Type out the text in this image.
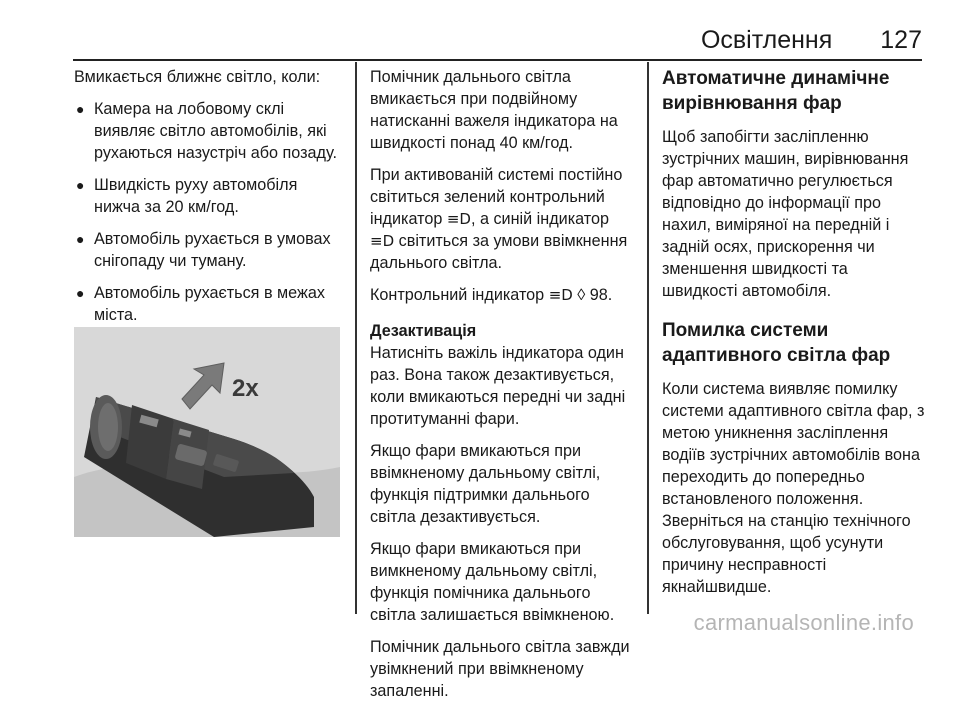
Освітлення 127

Вмикається ближнє світло, коли:

● Камера на лобовому склі виявляє світло автомобілів, які рухаються назустріч або позаду.
● Швидкість руху автомобіля нижча за 20 км/год.
● Автомобіль рухається в умовах снігопаду чи туману.
● Автомобіль рухається в межах міста.

2x

Помічник дальнього світла вмикається при подвійному натисканні важеля індикатора на швидкості понад 40 км/год.

При активованій системі постійно світиться зелений контрольний індикатор ≡D, а синій індикатор ≡D світиться за умови ввімкнення дальнього світла.

Контрольний індикатор ≡D ◊ 98.

Дезактивація

Натисніть важіль індикатора один раз. Вона також дезактивується, коли вмикаються передні чи задні протитуманні фари.

Якщо фари вмикаються при ввімкненому дальньому світлі, функція підтримки дальнього світла дезактивується.

Якщо фари вмикаються при вимкненому дальньому світлі, функція помічника дальнього світла залишається ввімкненою.

Помічник дальнього світла завжди увімкнений при ввімкненому запаленні.

Автоматичне динамічне вирівнювання фар

Щоб запобігти засліпленню зустрічних машин, вирівнювання фар автоматично регулюється відповідно до інформації про нахил, виміряної на передній і задній осях, прискорення чи зменшення швидкості та швидкості автомобіля.

Помилка системи адаптивного світла фар

Коли система виявляє помилку системи адаптивного світла фар, з метою уникнення засліплення водіїв зустрічних автомобілів вона переходить до попередньо встановленого положення.

Зверніться на станцію технічного обслуговування, щоб усунути причину несправності якнайшвидше.

carmanualsonline.info
